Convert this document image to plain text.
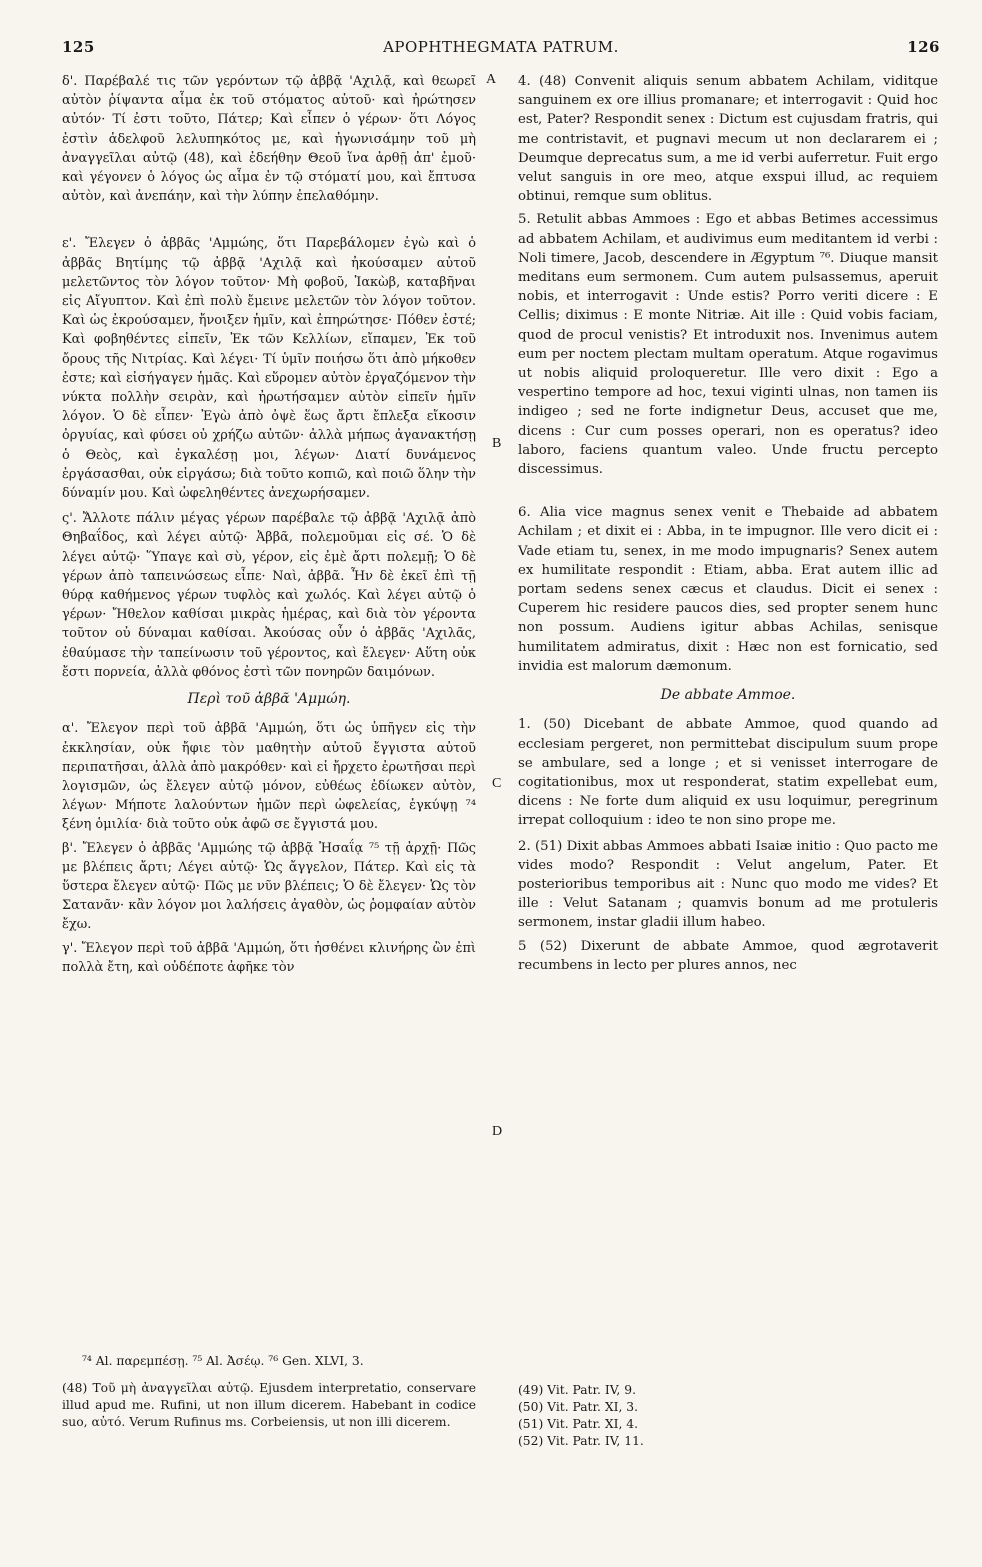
125	APOPHTHEGMATA PATRUM.	126

δ'. Παρέβαλέ τις τῶν γερόντων τῷ ἀββᾷ 'Αχιλᾷ, καὶ θεωρεῖ αὐτὸν ῥίψαντα αἷμα ἐκ τοῦ στόματος αὐτοῦ· καὶ ἠρώτησεν αὐτόν· Τί ἐστι τοῦτο, Πάτερ; Καὶ εἶπεν ὁ γέρων· ὅτι Λόγος ἐστὶν ἀδελφοῦ λελυπηκότος με, καὶ ἠγωνισάμην τοῦ μὴ ἀναγγεῖλαι αὐτῷ (48), καὶ ἐδεήθην Θεοῦ ἵνα ἀρθῇ ἀπ' ἐμοῦ· καὶ γέγονεν ὁ λόγος ὡς αἷμα ἐν τῷ στόματί μου, καὶ ἔπτυσα αὐτὸν, καὶ ἀνεπάην, καὶ τὴν λύπην ἐπελαθόμην.

ε'. Ἔλεγεν ὁ ἀββᾶς 'Αμμώης, ὅτι Παρεβάλομεν ἐγὼ καὶ ὁ ἀββᾶς Βητίμης τῷ ἀββᾷ 'Αχιλᾷ καὶ ἠκούσαμεν αὐτοῦ μελετῶντος τὸν λόγον τοῦτον· Μὴ φοβοῦ, Ἰακὼβ, καταβῆναι εἰς Αἴγυπτον. Καὶ ἐπὶ πολὺ ἔμεινε μελετῶν τὸν λόγον τοῦτον. Καὶ ὡς ἐκρούσαμεν, ἤνοιξεν ἡμῖν, καὶ ἐπηρώτησε· Πόθεν ἐστέ; Καὶ φοβηθέντες εἰπεῖν, Ἐκ τῶν Κελλίων, εἴπαμεν, Ἐκ τοῦ ὄρους τῆς Νιτρίας. Καὶ λέγει· Τί ὑμῖν ποιήσω ὅτι ἀπὸ μήκοθεν ἐστε; καὶ εἰσήγαγεν ἡμᾶς. Καὶ εὕρομεν αὐτὸν ἐργαζόμενον τὴν νύκτα πολλὴν σειρὰν, καὶ ἠρωτήσαμεν αὐτὸν εἰπεῖν ἡμῖν λόγον. Ὁ δὲ εἶπεν· Ἐγὼ ἀπὸ ὀψὲ ἕως ἄρτι ἔπλεξα εἴκοσιν ὀργυίας, καὶ φύσει οὐ χρήζω αὐτῶν· ἀλλὰ μήπως ἀγανακτήσῃ ὁ Θεὸς, καὶ ἐγκαλέσῃ μοι, λέγων· Διατί δυνάμενος ἐργάσασθαι, οὐκ εἰργάσω; διὰ τοῦτο κοπιῶ, καὶ ποιῶ ὅλην τὴν δύναμίν μου. Καὶ ὠφεληθέντες ἀνεχωρήσαμεν.

ς'. Ἄλλοτε πάλιν μέγας γέρων παρέβαλε τῷ ἀββᾷ 'Αχιλᾷ ἀπὸ Θηβαΐδος, καὶ λέγει αὐτῷ· Ἀββᾶ, πολεμοῦμαι εἰς σέ. Ὁ δὲ λέγει αὐτῷ· Ὕπαγε καὶ σὺ, γέρον, εἰς ἐμὲ ἄρτι πολεμῇ; Ὁ δὲ γέρων ἀπὸ ταπεινώσεως εἶπε· Ναὶ, ἀββᾶ. Ἦν δὲ ἐκεῖ ἐπὶ τῇ θύρᾳ καθήμενος γέρων τυφλὸς καὶ χωλός. Καὶ λέγει αὐτῷ ὁ γέρων· Ἤθελον καθίσαι μικρὰς ἡμέρας, καὶ διὰ τὸν γέροντα τοῦτον οὐ δύναμαι καθίσαι. Ἀκούσας οὖν ὁ ἀββᾶς 'Αχιλᾶς, ἐθαύμασε τὴν ταπείνωσιν τοῦ γέροντος, καὶ ἔλεγεν· Αὕτη οὐκ ἔστι πορνεία, ἀλλὰ φθόνος ἐστὶ τῶν πονηρῶν δαιμόνων.

Περὶ τοῦ ἀββᾶ 'Αμμώη.

α'. Ἔλεγον περὶ τοῦ ἀββᾶ 'Αμμώη, ὅτι ὡς ὑπῆγεν εἰς τὴν ἐκκλησίαν, οὐκ ἤφιε τὸν μαθητὴν αὐτοῦ ἔγγιστα αὐτοῦ περιπατῆσαι, ἀλλὰ ἀπὸ μακρόθεν· καὶ εἰ ἤρχετο ἐρωτῆσαι περὶ λογισμῶν, ὡς ἔλεγεν αὐτῷ μόνον, εὐθέως ἐδίωκεν αὐτὸν, λέγων· Μήποτε λαλούντων ἡμῶν περὶ ὠφελείας, ἐγκύψῃ ⁷⁴ ξένη ὁμιλία· διὰ τοῦτο οὐκ ἀφῶ σε ἔγγιστά μου.

β'. Ἔλεγεν ὁ ἀββᾶς 'Αμμώης τῷ ἀββᾷ Ἠσαΐᾳ ⁷⁵ τῇ ἀρχῇ· Πῶς με βλέπεις ἄρτι; Λέγει αὐτῷ· Ὡς ἄγγελον, Πάτερ. Καὶ εἰς τὰ ὕστερα ἔλεγεν αὐτῷ· Πῶς με νῦν βλέπεις; Ὁ δὲ ἔλεγεν· Ὡς τὸν Σατανᾶν· κἂν λόγον μοι λαλήσεις ἀγαθὸν, ὡς ῥομφαίαν αὐτὸν ἔχω.

γ'. Ἔλεγον περὶ τοῦ ἀββᾶ 'Αμμώη, ὅτι ἠσθένει κλινήρης ὢν ἐπὶ πολλὰ ἔτη, καὶ οὐδέποτε ἀφῆκε τὸν

4. (48) Convenit aliquis senum abbatem Achilam, viditque sanguinem ex ore illius promanare; et interrogavit : Quid hoc est, Pater? Respondit senex : Dictum est cujusdam fratris, qui me contristavit, et pugnavi mecum ut non declararem ei ; Deumque deprecatus sum, a me id verbi auferretur. Fuit ergo velut sanguis in ore meo, atque exspui illud, ac requiem obtinui, remque sum oblitus.

5. Retulit abbas Ammoes : Ego et abbas Betimes accessimus ad abbatem Achilam, et audivimus eum meditantem id verbi : Noli timere, Jacob, descendere in Ægyptum ⁷⁶. Diuque mansit meditans eum sermonem. Cum autem pulsassemus, aperuit nobis, et interrogavit : Unde estis? Porro veriti dicere : E Cellis; diximus : E monte Nitriæ. Ait ille : Quid vobis faciam, quod de procul venistis? Et introduxit nos. Invenimus autem eum per noctem plectam multam operatum. Atque rogavimus ut nobis aliquid proloqueretur. Ille vero dixit : Ego a vespertino tempore ad hoc, texui viginti ulnas, non tamen iis indigeo ; sed ne forte indignetur Deus, accuset que me, dicens : Cur cum posses operari, non es operatus? ideo laboro, faciens quantum valeo. Unde fructu percepto discessimus.

6. Alia vice magnus senex venit e Thebaide ad abbatem Achilam ; et dixit ei : Abba, in te impugnor. Ille vero dicit ei : Vade etiam tu, senex, in me modo impugnaris? Senex autem ex humilitate respondit : Etiam, abba. Erat autem illic ad portam sedens senex cæcus et claudus. Dicit ei senex : Cuperem hic residere paucos dies, sed propter senem hunc non possum. Audiens igitur abbas Achilas, senisque humilitatem admiratus, dixit : Hæc non est fornicatio, sed invidia est malorum dæmonum.

De abbate Ammoe.

1. (50) Dicebant de abbate Ammoe, quod quando ad ecclesiam pergeret, non permittebat discipulum suum prope se ambulare, sed a longe ; et si venisset interrogare de cogitationibus, mox ut responderat, statim expellebat eum, dicens : Ne forte dum aliquid ex usu loquimur, peregrinum irrepat colloquium : ideo te non sino prope me.

2. (51) Dixit abbas Ammoes abbati Isaiæ initio : Quo pacto me vides modo? Respondit : Velut angelum, Pater. Et posterioribus temporibus ait : Nunc quo modo me vides? Et ille : Velut Satanam ; quamvis bonum ad me protuleris sermonem, instar gladii illum habeo.

5 (52) Dixerunt de abbate Ammoe, quod ægrotaverit recumbens in lecto per plures annos, nec

A
B
C
D

⁷⁴ Al. παρεμπέσῃ. ⁷⁵ Al. Ἀσέῳ. ⁷⁶ Gen. XLVI, 3.

(48) Τοῦ μὴ ἀναγγεῖλαι αὐτῷ. Ejusdem interpretatio, conservare illud apud me. Rufini, ut non illum dicerem. Habebant in codice suo, αὐτό. Verum Rufinus ms. Corbeiensis, ut non illi dicerem.

(49) Vit. Patr. IV, 9.
(50) Vit. Patr. XI, 3.
(51) Vit. Patr. XI, 4.
(52) Vit. Patr. IV, 11.
